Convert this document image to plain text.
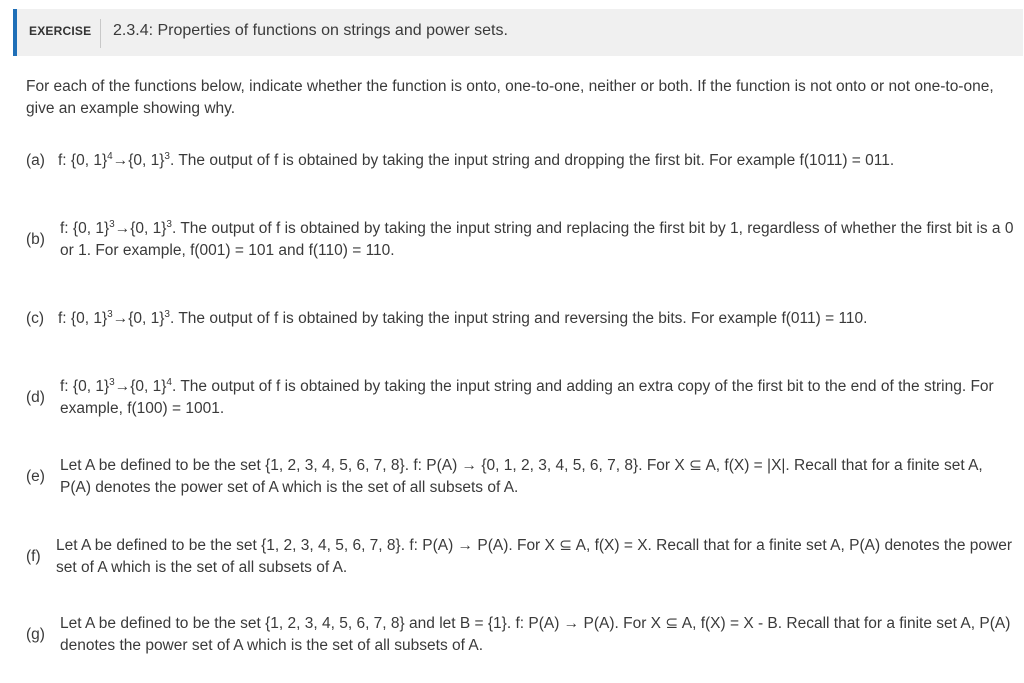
EXERCISE 2.3.4: Properties of functions on strings and power sets.
For each of the functions below, indicate whether the function is onto, one-to-one, neither or both. If the function is not onto or not one-to-one, give an example showing why.
(a) f: {0, 1}$^4$→{0, 1}$^3$. The output of f is obtained by taking the input string and dropping the first bit. For example f(1011) = 011.
(b)
f: {0, 1}$^3$→{0, 1}$^3$. The output of f is obtained by taking the input string and replacing the first bit by 1, regardless of whether the first bit is a 0 or 1. For example, f(001) = 101 and f(110) = 110.
(c) f: {0, 1}$^3$→{0, 1}$^3$. The output of f is obtained by taking the input string and reversing the bits. For example f(011) = 110.
(d)
f: {0, 1}$^3$→{0, 1}$^4$. The output of f is obtained by taking the input string and adding an extra copy of the first bit to the end of the string. For example, f(100) = 1001.
(e)
Let A be defined to be the set {1, 2, 3, 4, 5, 6, 7, 8}. f: P(A) → {0, 1, 2, 3, 4, 5, 6, 7, 8}. For X ⊆ A, f(X) = |X|. Recall that for a finite set A, P(A) denotes the power set of A which is the set of all subsets of A.
(f)
Let A be defined to be the set {1, 2, 3, 4, 5, 6, 7, 8}. f: P(A) → P(A). For X ⊆ A, f(X) = X. Recall that for a finite set A, P(A) denotes the power set of A which is the set of all subsets of A.
(g)
Let A be defined to be the set {1, 2, 3, 4, 5, 6, 7, 8} and let B = {1}. f: P(A) → P(A). For X ⊆ A, f(X) = X - B. Recall that for a finite set A, P(A) denotes the power set of A which is the set of all subsets of A.
